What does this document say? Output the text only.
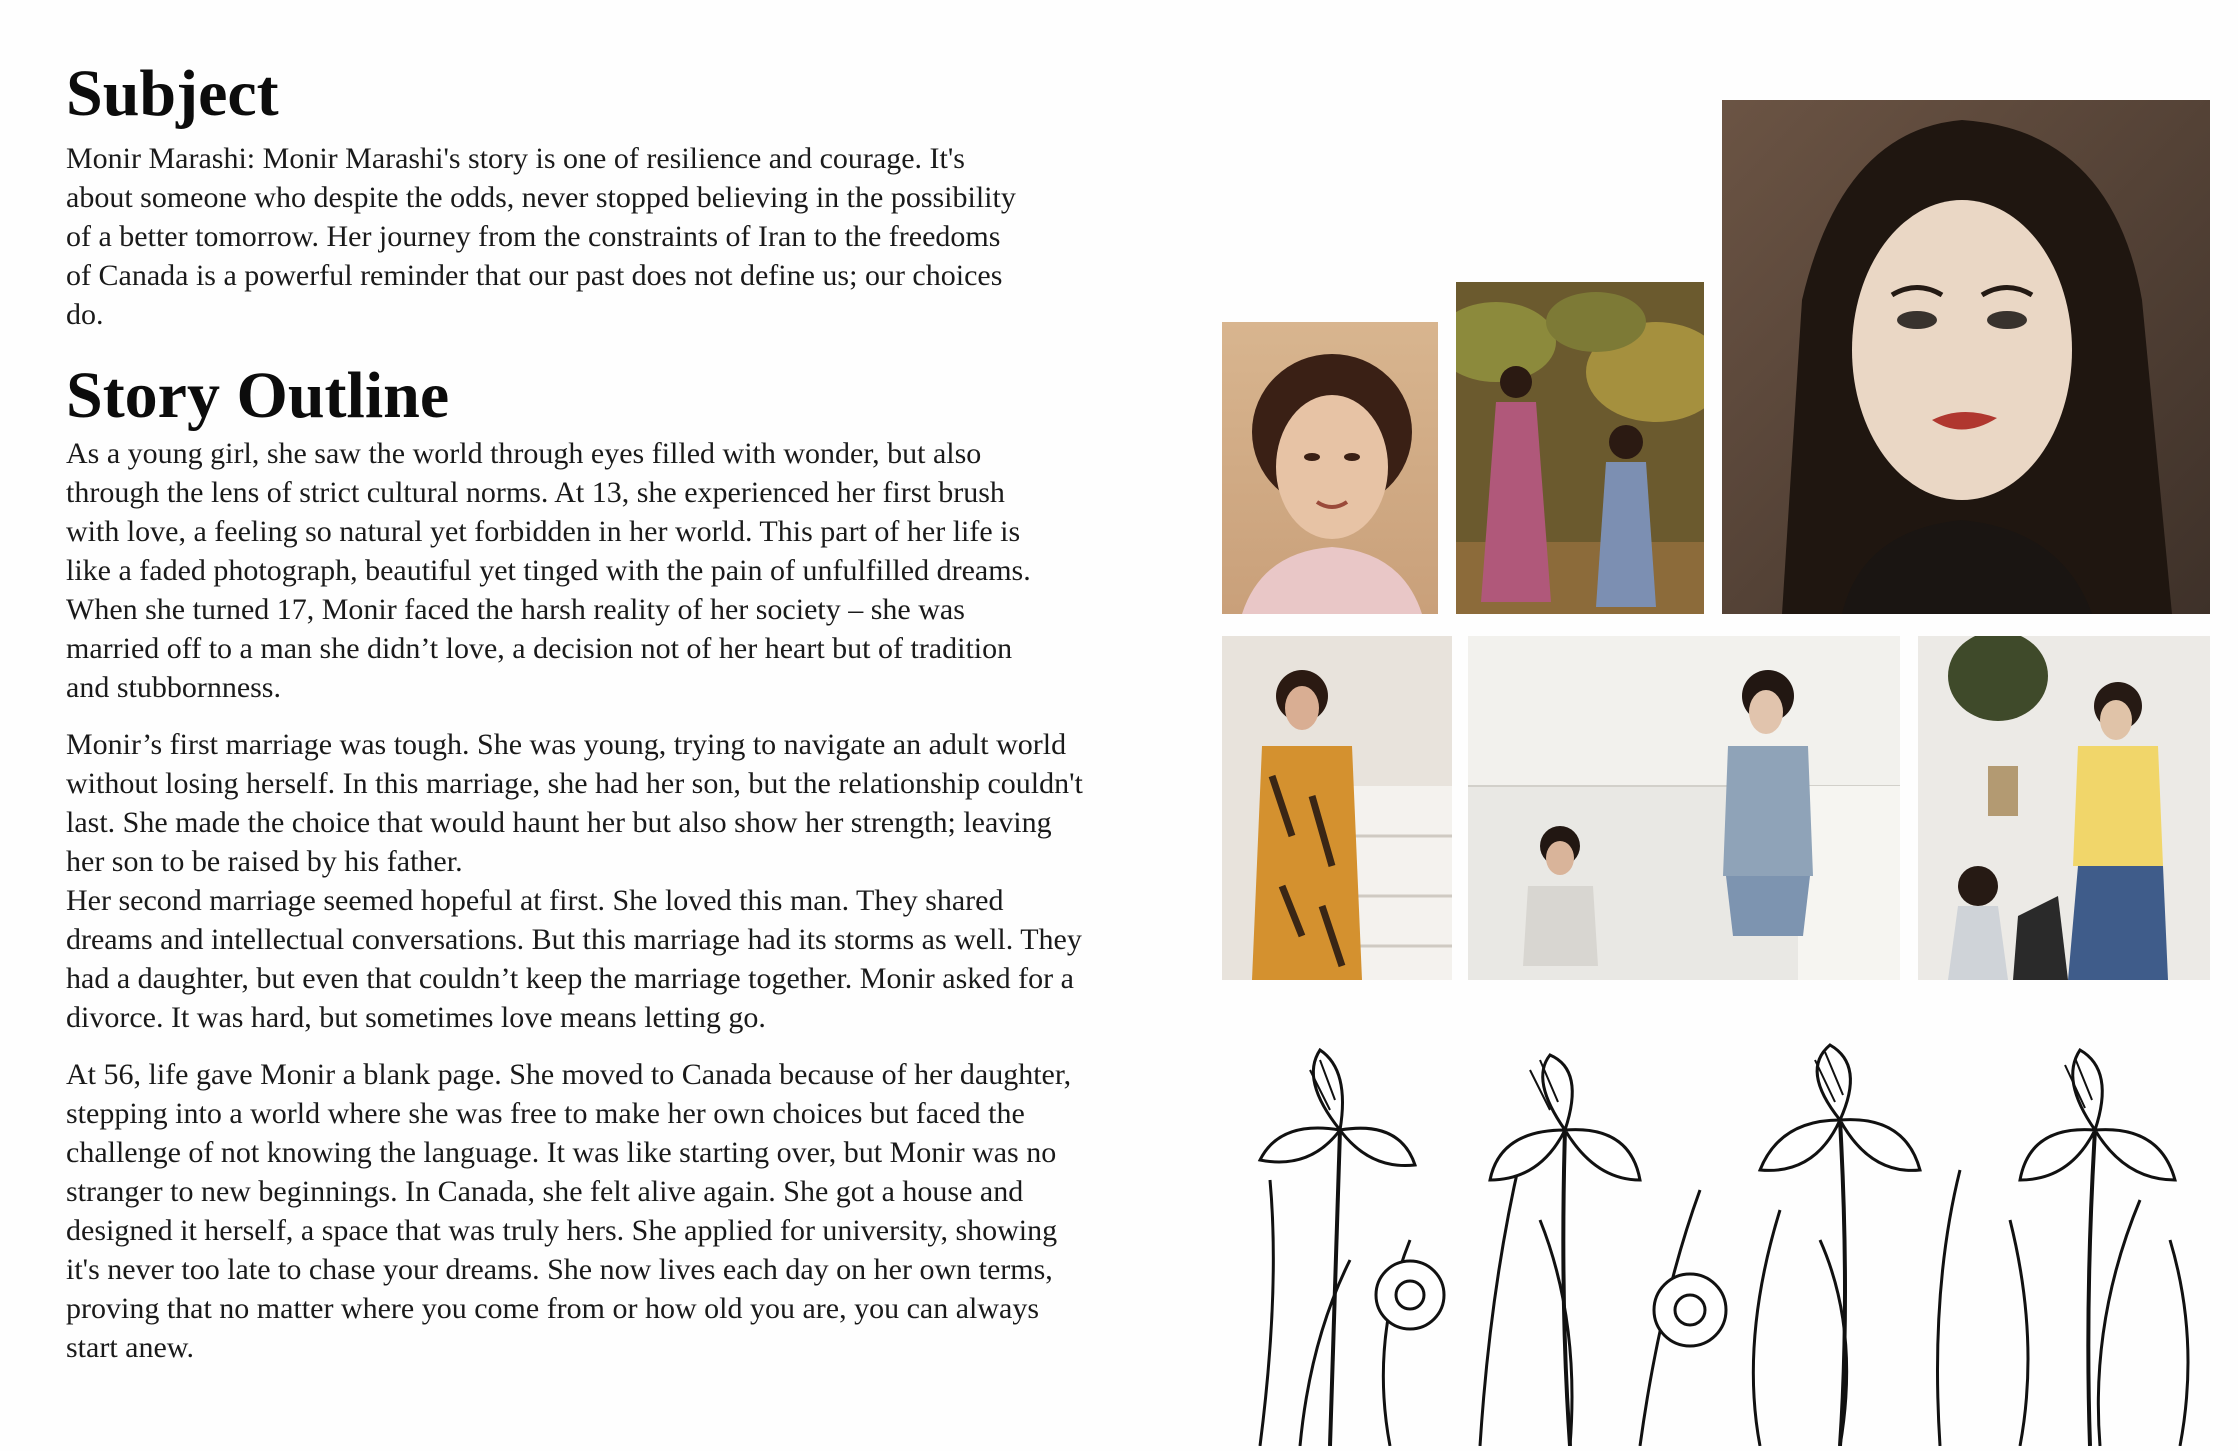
Subject

Monir Marashi: Monir Marashi's story is one of resilience and courage. It's
about someone who despite the odds, never stopped believing in the possibility
of a better tomorrow. Her journey from the constraints of Iran to the freedoms
of Canada is a powerful reminder that our past does not define us; our choices
do.

Story Outline

As a young girl, she saw the world through eyes filled with wonder, but also
through the lens of strict cultural norms. At 13, she experienced her first brush
with love, a feeling so natural yet forbidden in her world. This part of her life is
like a faded photograph, beautiful yet tinged with the pain of unfulfilled dreams.
When she turned 17, Monir faced the harsh reality of her society – she was
married off to a man she didn’t love, a decision not of her heart but of tradition
and stubbornness.

Monir’s first marriage was tough. She was young, trying to navigate an adult world
without losing herself. In this marriage, she had her son, but the relationship couldn't
last. She made the choice that would haunt her but also show her strength; leaving
her son to be raised by his father.

Her second marriage seemed hopeful at first. She loved this man. They shared
dreams and intellectual conversations. But this marriage had its storms as well. They
had a daughter, but even that couldn’t keep the marriage together. Monir asked for a
divorce. It was hard, but sometimes love means letting go.

At 56, life gave Monir a blank page. She moved to Canada because of her daughter,
stepping into a world where she was free to make her own choices but faced the
challenge of not knowing the language. It was like starting over, but Monir was no
stranger to new beginnings. In Canada, she felt alive again. She got a house and
designed it herself, a space that was truly hers. She applied for university, showing
it's never too late to chase your dreams. She now lives each day on her own terms,
proving that no matter where you come from or how old you are, you can always
start anew.
